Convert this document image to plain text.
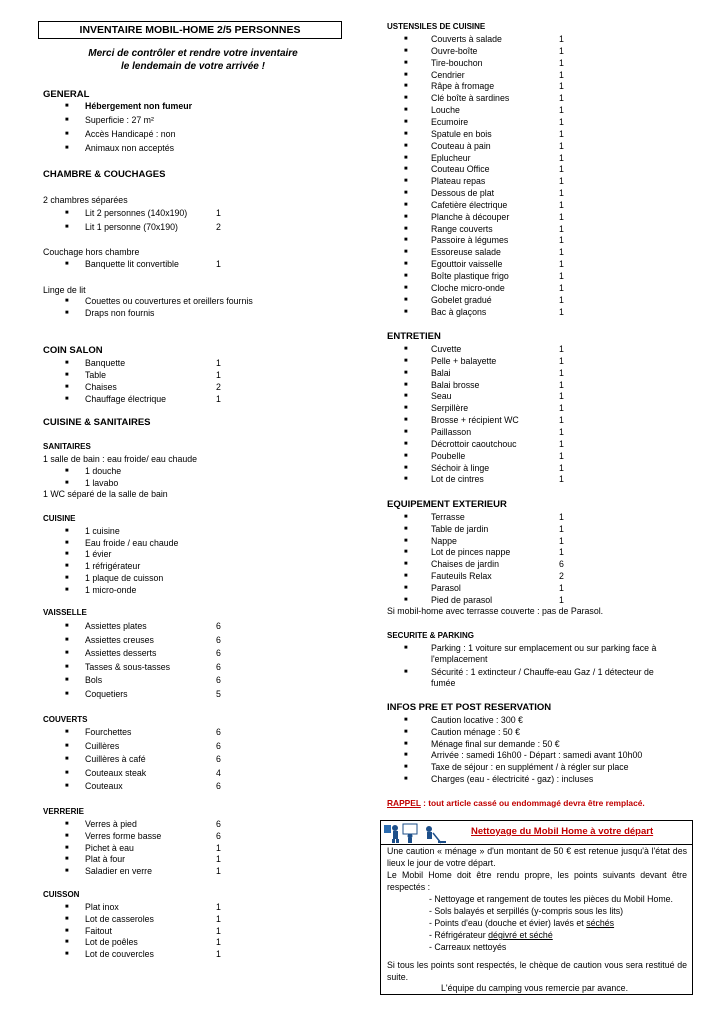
INVENTAIRE MOBIL-HOME 2/5 PERSONNES
Merci de contrôler et rendre votre inventaire
le lendemain de votre arrivée !
GENERAL
■ Hébergement non fumeur
■ Superficie : 27 m²
■ Accès Handicapé : non
■ Animaux non acceptés
CHAMBRE & COUCHAGES
2 chambres séparées
■ Lit 2 personnes (140x190)	1
■ Lit 1 personne (70x190)	2
Couchage hors chambre
■ Banquette lit convertible	1
Linge de lit
■ Couettes ou couvertures et oreillers fournis
■ Draps non fournis
COIN SALON
■ Banquette	1
■ Table	1
■ Chaises	2
■ Chauffage électrique	1
CUISINE & SANITAIRES
SANITAIRES
1 salle de bain : eau froide/ eau chaude
■ 1 douche
■ 1 lavabo
1 WC séparé de la salle de bain
CUISINE
■ 1 cuisine
■ Eau froide / eau chaude
■ 1 évier
■ 1 réfrigérateur
■ 1 plaque de cuisson
■ 1 micro-onde
VAISSELLE
■ Assiettes plates	6
■ Assiettes creuses	6
■ Assiettes desserts	6
■ Tasses & sous-tasses	6
■ Bols	6
■ Coquetiers	5
COUVERTS
■ Fourchettes	6
■ Cuillères	6
■ Cuillères à café	6
■ Couteaux steak	4
■ Couteaux	6
VERRERIE
■ Verres à pied	6
■ Verres forme basse	6
■ Pichet à eau	1
■ Plat à four	1
■ Saladier en verre	1
CUISSON
■ Plat inox	1
■ Lot de casseroles	1
■ Faitout	1
■ Lot de poêles	1
■ Lot de couvercles	1
USTENSILES DE CUISINE
■	Couverts à salade	1
■	Ouvre-boîte	1
■	Tire-bouchon	1
■	Cendrier	1
■	Râpe à fromage	1
■	Clé boîte à sardines	1
■	Louche	1
■	Ecumoire	1
■	Spatule en bois	1
■	Couteau à pain	1
■	Eplucheur	1
■	Couteau Office	1
■	Plateau repas	1
■	Dessous de plat	1
■	Cafetière électrique	1
■	Planche à découper	1
■	Range couverts	1
■	Passoire à légumes	1
■	Essoreuse salade	1
■	Egouttoir vaisselle	1
■	Boîte plastique frigo	1
■	Cloche micro-onde	1
■	Gobelet gradué	1
■	Bac à glaçons	1
ENTRETIEN
■	Cuvette	1
■	Pelle + balayette	1
■	Balai	1
■	Balai brosse	1
■	Seau	1
■	Serpillère	1
■	Brosse + récipient WC	1
■	Paillasson	1
■	Décrottoir caoutchouc	1
■	Poubelle	1
■	Séchoir à linge	1
■	Lot de cintres	1
EQUIPEMENT EXTERIEUR
■	Terrasse	1
■	Table de jardin	1
■	Nappe	1
■	Lot de pinces nappe	1
■	Chaises de jardin	6
■	Fauteuils Relax	2
■	Parasol	1
■	Pied de parasol	1
Si mobil-home avec terrasse couverte : pas de Parasol.
SECURITE & PARKING
■	Parking : 1 voiture sur emplacement ou sur parking face à
l'emplacement
■	Sécurité : 1 extincteur / Chauffe-eau Gaz / 1 détecteur de
fumée
INFOS PRE ET POST RESERVATION
■	Caution locative : 300 €
■	Caution ménage : 50 €
■	Ménage final sur demande : 50 €
■	Arrivée : samedi 16h00 - Départ : samedi avant 10h00
■	Taxe de séjour : en supplément / à régler sur place
■	Charges (eau - électricité - gaz) : incluses
RAPPEL : tout article cassé ou endommagé devra être remplacé.
Nettoyage du Mobil Home à votre départ
Une caution « ménage » d'un montant de 50 € est retenue jusqu'à l'état des lieux le jour de votre départ.
Le Mobil Home doit être rendu propre, les points suivants devant être respectés :
- Nettoyage et rangement de toutes les pièces du Mobil Home.
- Sols balayés et serpillés (y-compris sous les lits)
- Points d'eau (douche et évier) lavés et séchés
- Réfrigérateur dégivré et séché
- Carreaux nettoyés
Si tous les points sont respectés, le chèque de caution vous sera restitué de suite.
L'équipe du camping vous remercie par avance.
